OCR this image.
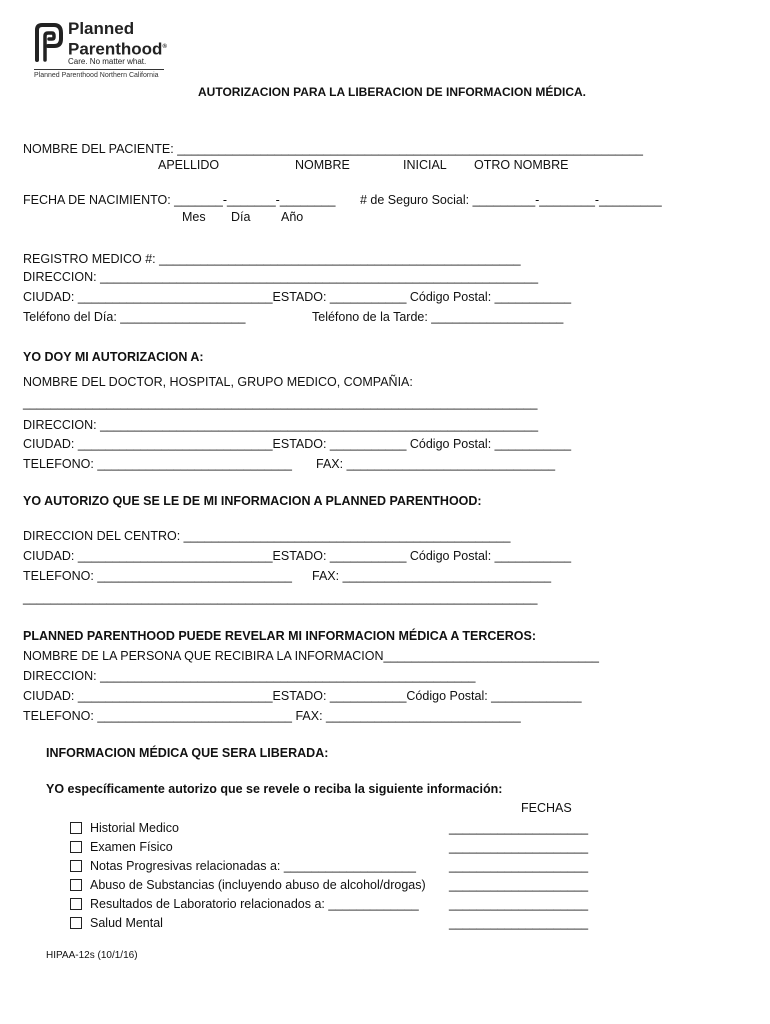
Planned
Parenthood®
Care. No matter what.
Planned Parenthood Northern California
AUTORIZACION PARA LA LIBERACION DE INFORMACION MÉDICA.
NOMBRE DEL PACIENTE: ___________________________________________________________________
APELLIDO	NOMBRE	INICIAL OTRO NOMBRE
FECHA DE NACIMIENTO: _______-_______-________ # de Seguro Social: _________-________-_________
Mes Día Año
REGISTRO MEDICO #: ____________________________________________________
DIRECCION: _______________________________________________________________
CIUDAD: ____________________________ESTADO: ___________ Código Postal: ___________
Teléfono del Día: __________________	Teléfono de la Tarde: ___________________
YO DOY MI AUTORIZACION A:
NOMBRE DEL DOCTOR, HOSPITAL, GRUPO MEDICO, COMPAÑIA:
__________________________________________________________________________
DIRECCION: _______________________________________________________________
CIUDAD: ____________________________ESTADO: ___________ Código Postal: ___________
TELEFONO: ____________________________ FAX: ______________________________
YO AUTORIZO QUE SE LE DE MI INFORMACION A PLANNED PARENTHOOD:
DIRECCION DEL CENTRO: _______________________________________________
CIUDAD: ____________________________ESTADO: ___________ Código Postal: ___________
TELEFONO: ____________________________ FAX: ______________________________
__________________________________________________________________________
PLANNED PARENTHOOD PUEDE REVELAR MI INFORMACION MÉDICA A TERCEROS:
NOMBRE DE LA PERSONA QUE RECIBIRA LA INFORMACION_______________________________
DIRECCION: ______________________________________________________
CIUDAD: ____________________________ESTADO: ___________Código Postal: _____________
TELEFONO: ____________________________ FAX: ____________________________
INFORMACION MÉDICA QUE SERA LIBERADA:
YO específicamente autorizo que se revele o reciba la siguiente información:
FECHAS
Historial Medico	____________________
Examen Físico	____________________
Notas Progresivas relacionadas a: ___________________	____________________
Abuso de Substancias (incluyendo abuso de alcohol/drogas) ____________________
Resultados de Laboratorio relacionados a: _____________ ____________________
Salud Mental	____________________
HIPAA-12s (10/1/16)
